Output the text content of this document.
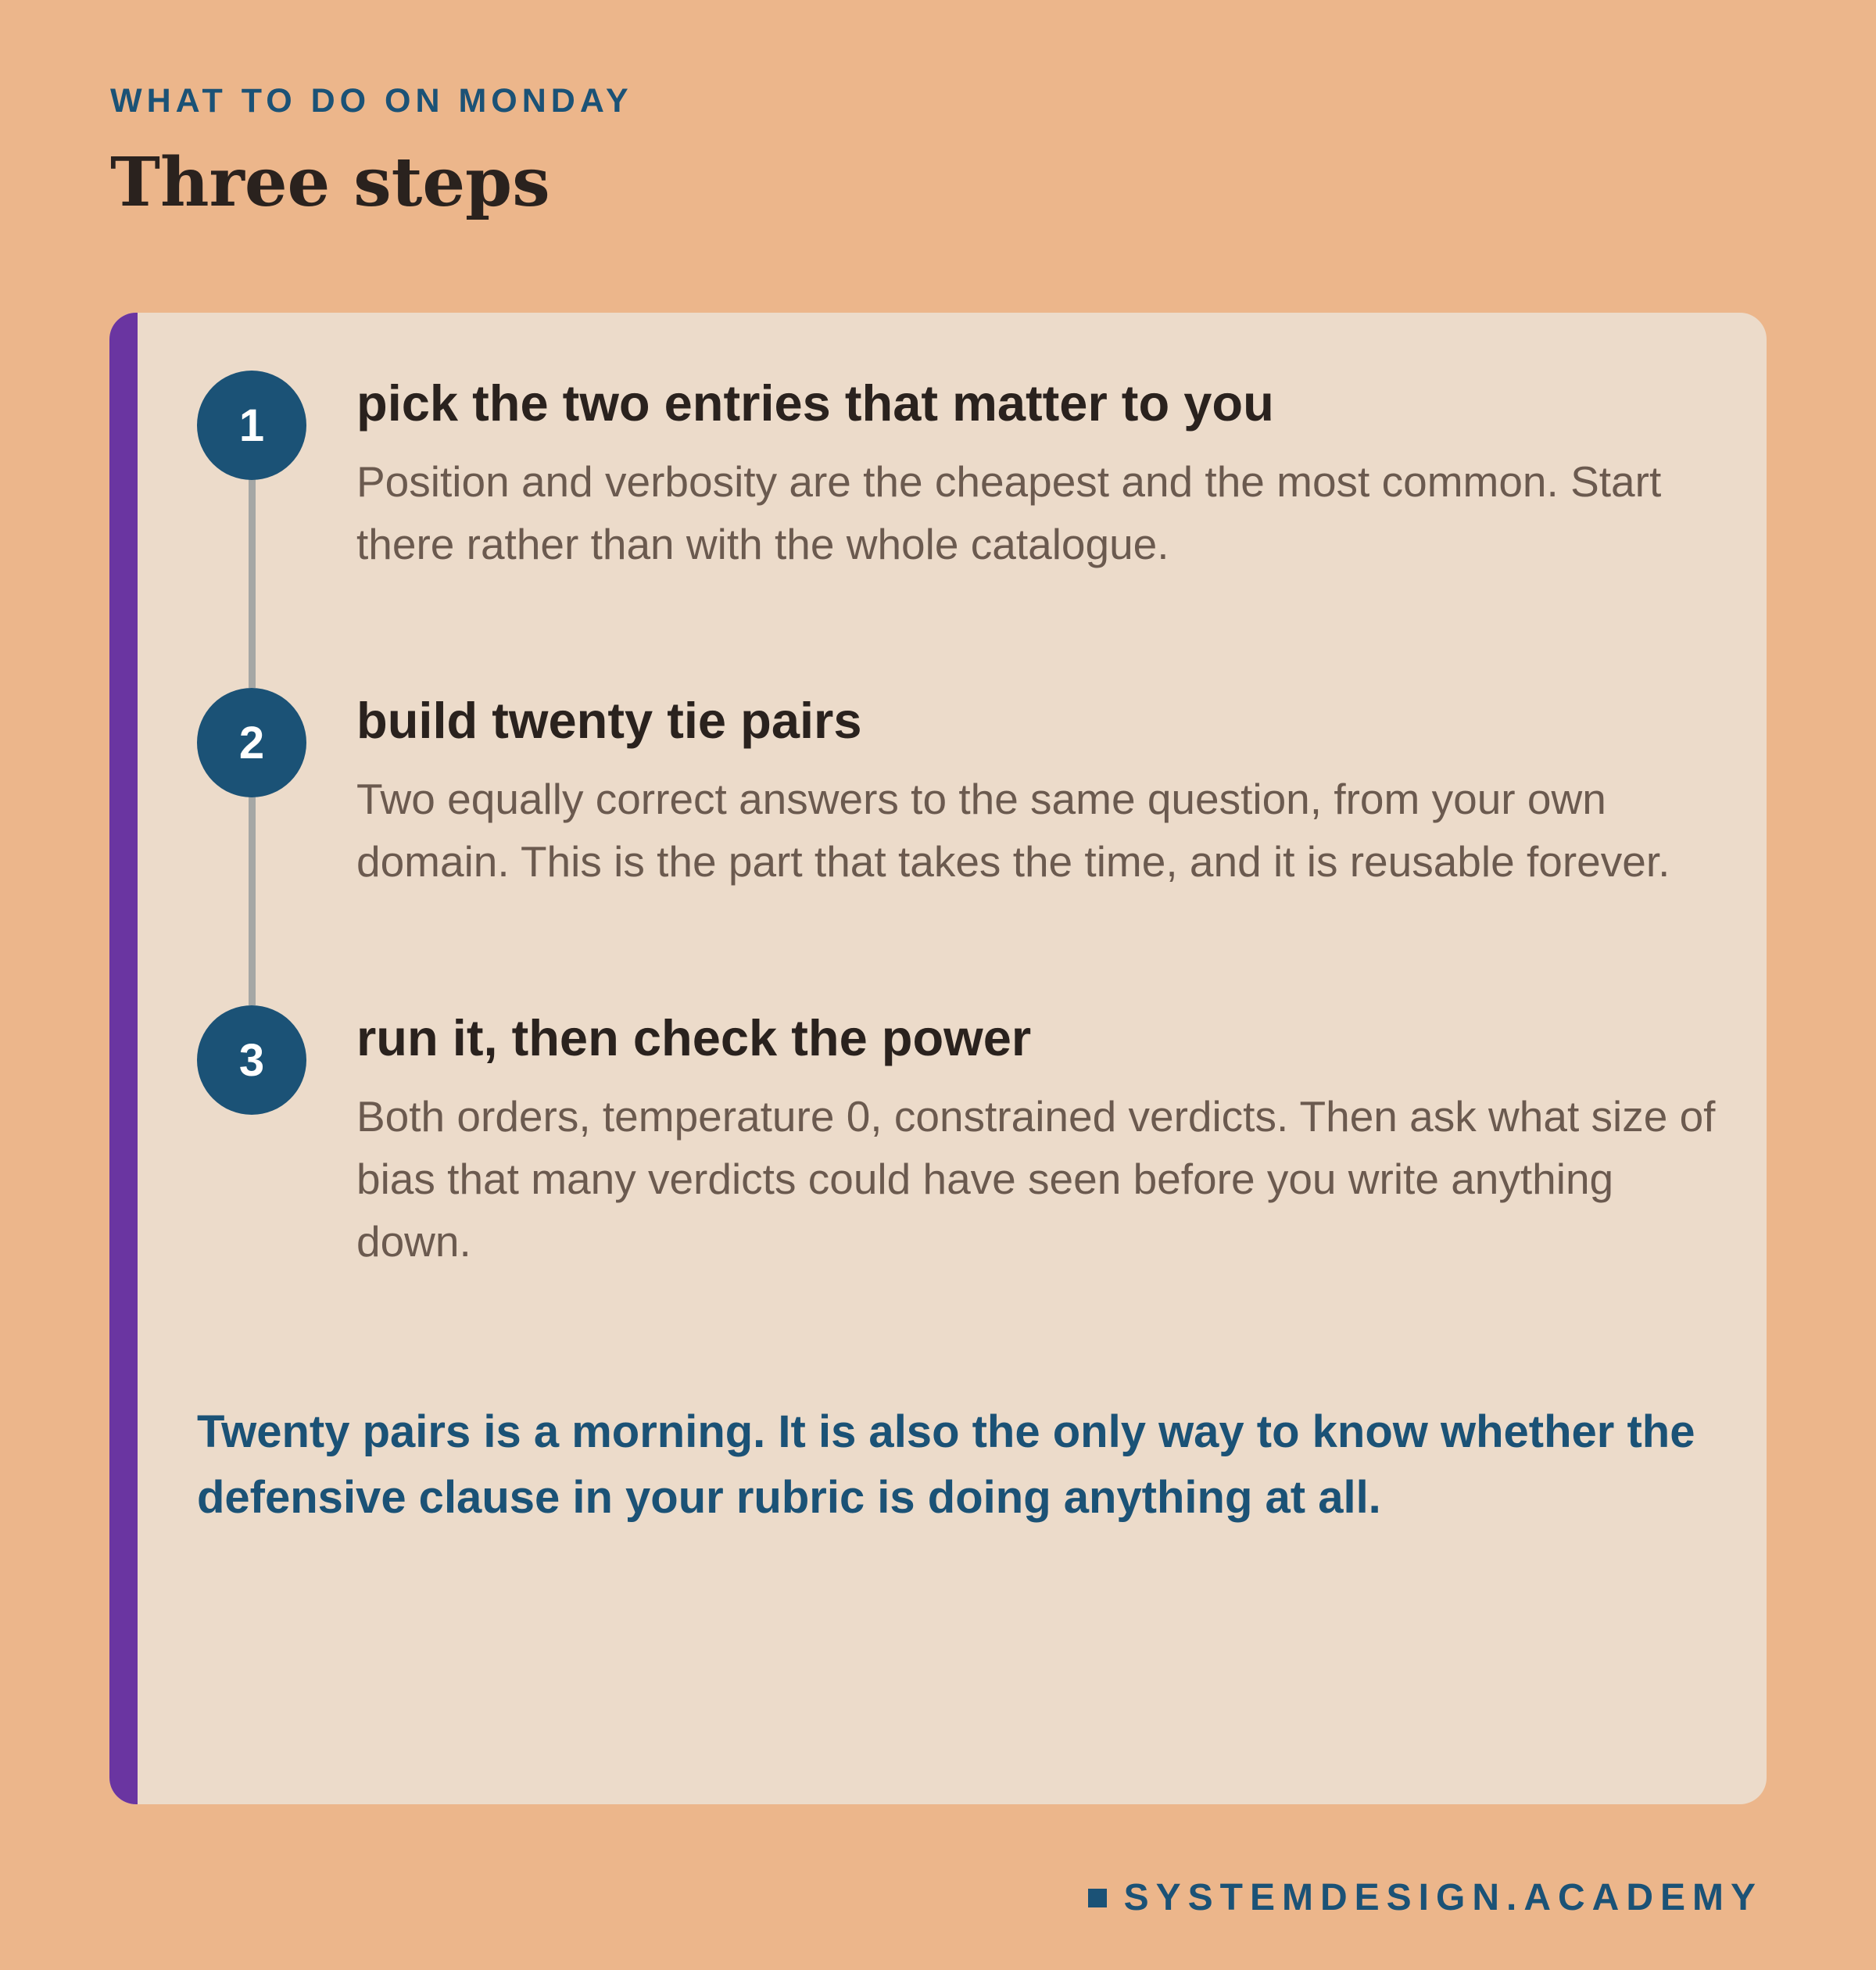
WHAT TO DO ON MONDAY
Three steps
1	pick the two entries that matter to you
Position and verbosity are the cheapest and the most common. Start there rather than with the whole catalogue.
2	build twenty tie pairs
Two equally correct answers to the same question, from your own domain. This is the part that takes the time, and it is reusable forever.
3	run it, then check the power
Both orders, temperature 0, constrained verdicts. Then ask what size of bias that many verdicts could have seen before you write anything down.
Twenty pairs is a morning. It is also the only way to know whether the defensive clause in your rubric is doing anything at all.
SYSTEMDESIGN.ACADEMY
